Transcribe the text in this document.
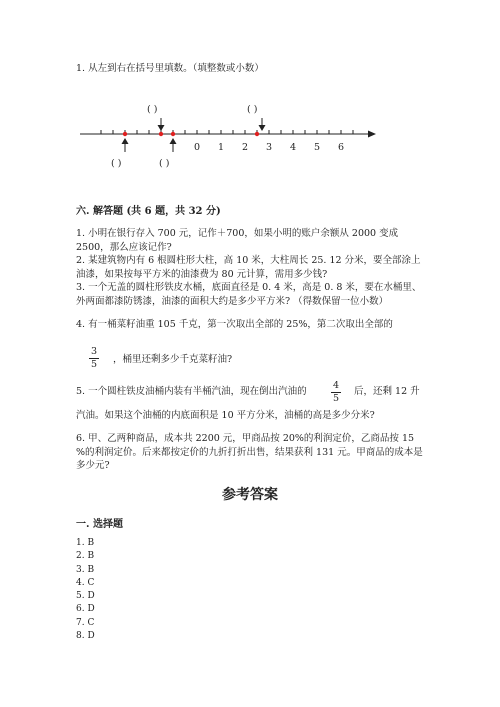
1. 从左到右在括号里填数。（填整数或小数）
( )	( )
( )	( )
0 1 2 3 4 5 6
六. 解答题 (共 6 题，共 32 分)
1. 小明在银行存入 700 元，记作＋700，如果小明的账户余额从 2000 变成 2500，那么应该记作?
2. 某建筑物内有 6 根圆柱形大柱，高 10 米，大柱周长 25. 12 分米，要全部涂上油漆，如果按每平方米的油漆费为 80 元计算，需用多少钱?
3. 一个无盖的圆柱形铁皮水桶，底面直径是 0. 4 米，高是 0. 8 米，要在水桶里、外两面都漆防锈漆，油漆的面积大约是多少平方米? （得数保留一位小数）
4. 有一桶菜籽油重 105 千克，第一次取出全部的 25%，第二次取出全部的
3
5	，桶里还剩多少千克菜籽油?
5. 一个圆柱铁皮油桶内装有半桶汽油，现在倒出汽油的
4
5
后，还剩 12 升
汽油。如果这个油桶的内底面积是 10 平方分米，油桶的高是多少分米?
6. 甲、乙两种商品，成本共 2200 元，甲商品按 20%的利润定价，乙商品按 15 %的利润定价。后来都按定价的九折打折出售，结果获利 131 元。甲商品的成本是多少元?
参考答案
一. 选择题
1. B
2. B
3. B
4. C
5. D
6. D
7. C
8. D
